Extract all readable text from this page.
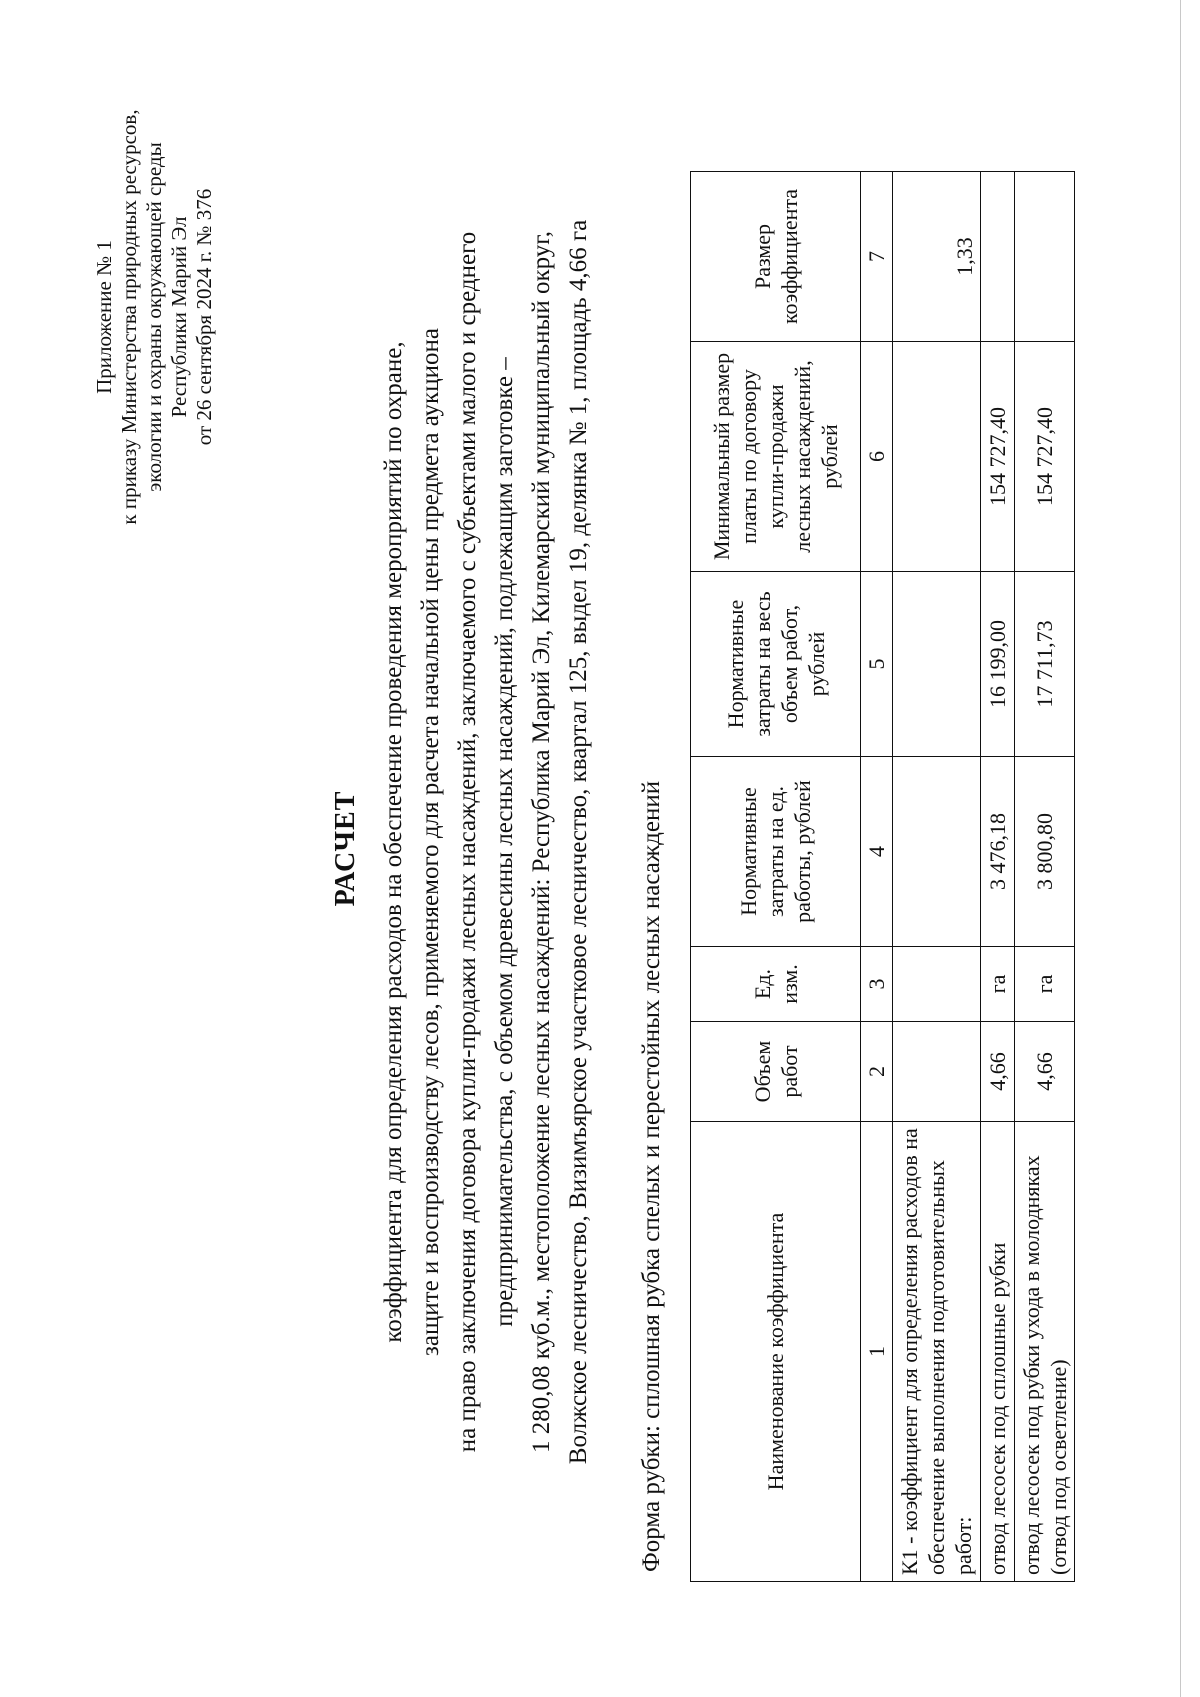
Приложение № 1 к приказу Министерства природных ресурсов, экологии и охраны окружающей среды Республики Марий Эл от 26 сентября 2024 г. № 376
РАСЧЕТ коэффициента для определения расходов на обеспечение проведения мероприятий по охране, защите и воспроизводству лесов, применяемого для расчета начальной цены предмета аукциона на право заключения договора купли-продажи лесных насаждений, заключаемого с субъектами малого и среднего предпринимательства, с объемом древесины лесных насаждений, подлежащим заготовке – 1 280,08 куб.м., местоположение лесных насаждений: Республика Марий Эл, Килемарский муниципальный округ, Волжское лесничество, Визимъярское участковое лесничество, квартал 125, выдел 19, делянка № 1, площадь 4,66 га Форма рубки: сплошная рубка спелых и перестойных лесных насаждений	Наименование коэффициента	Объем работ	Ед. изм.	Нормативные затраты на ед. работы, рублей	Нормативные затраты на весь объем работ, рублей	Минимальный размер платы по договору купли-продажи лесных насаждений, рублей	Размер коэффициента
1	2	3	4	5	6	7
К1 - коэффициент для определения расходов на обеспечение выполнения подготовительных работ:						1,33
отвод лесосек под сплошные рубки	4,66	га	3 476,18	16 199,00	154 727,40	
отвод лесосек под рубки ухода в молодняках (отвод под осветление)	4,66	га	3 800,80	17 711,73	154 727,40	
